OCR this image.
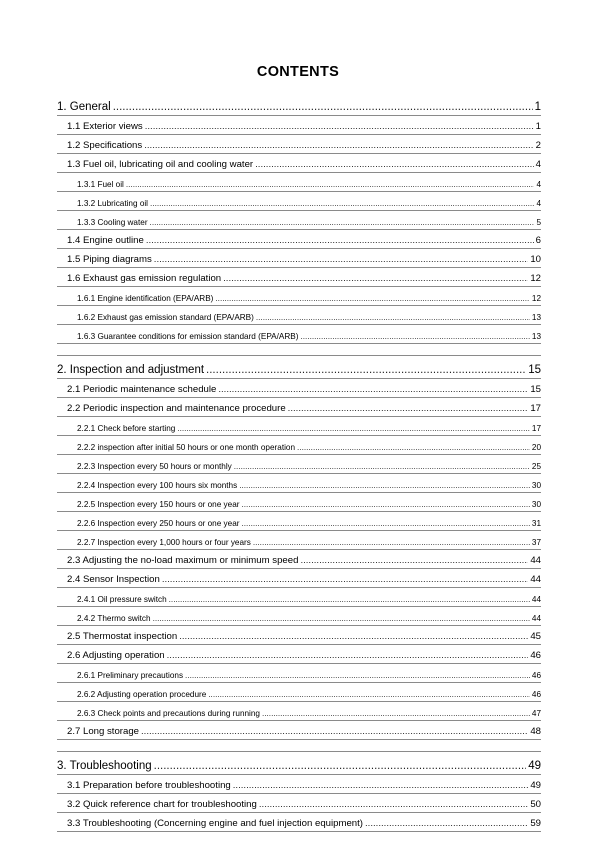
CONTENTS
1. General .....	1
1.1 Exterior views .....	1
1.2 Specifications .....	2
1.3 Fuel oil, lubricating oil and cooling water .....	4
1.3.1 Fuel oil .....	4
1.3.2 Lubricating oil .....	4
1.3.3 Cooling water .....	5
1.4 Engine outline .....	6
1.5 Piping diagrams .....	10
1.6 Exhaust gas emission regulation .....	12
1.6.1 Engine identification (EPA/ARB) .....	12
1.6.2 Exhaust gas emission standard (EPA/ARB) .....	13
1.6.3 Guarantee conditions for emission standard (EPA/ARB) .....	13
2. Inspection and adjustment .....	15
2.1 Periodic maintenance schedule .....	15
2.2 Periodic inspection and maintenance procedure .....	17
2.2.1 Check before starting .....	17
2.2.2 inspection after initial 50 hours or one month operation .....	20
2.2.3 Inspection every 50 hours or monthly .....	25
2.2.4 Inspection every 100 hours six months .....	30
2.2.5 Inspection every 150 hours or one year .....	30
2.2.6 Inspection every 250 hours or one year .....	31
2.2.7 Inspection every 1,000 hours or four years .....	37
2.3 Adjusting the no-load maximum or minimum speed .....	44
2.4 Sensor Inspection .....	44
2.4.1 Oil pressure switch .....	44
2.4.2 Thermo switch .....	44
2.5 Thermostat inspection .....	45
2.6 Adjusting operation .....	46
2.6.1 Preliminary precautions .....	46
2.6.2 Adjusting operation procedure .....	46
2.6.3 Check points and precautions during running .....	47
2.7 Long storage .....	48
3. Troubleshooting .....	49
3.1 Preparation before troubleshooting .....	49
3.2 Quick reference chart for troubleshooting .....	50
3.3 Troubleshooting (Concerning engine and fuel injection equipment) .....	59
